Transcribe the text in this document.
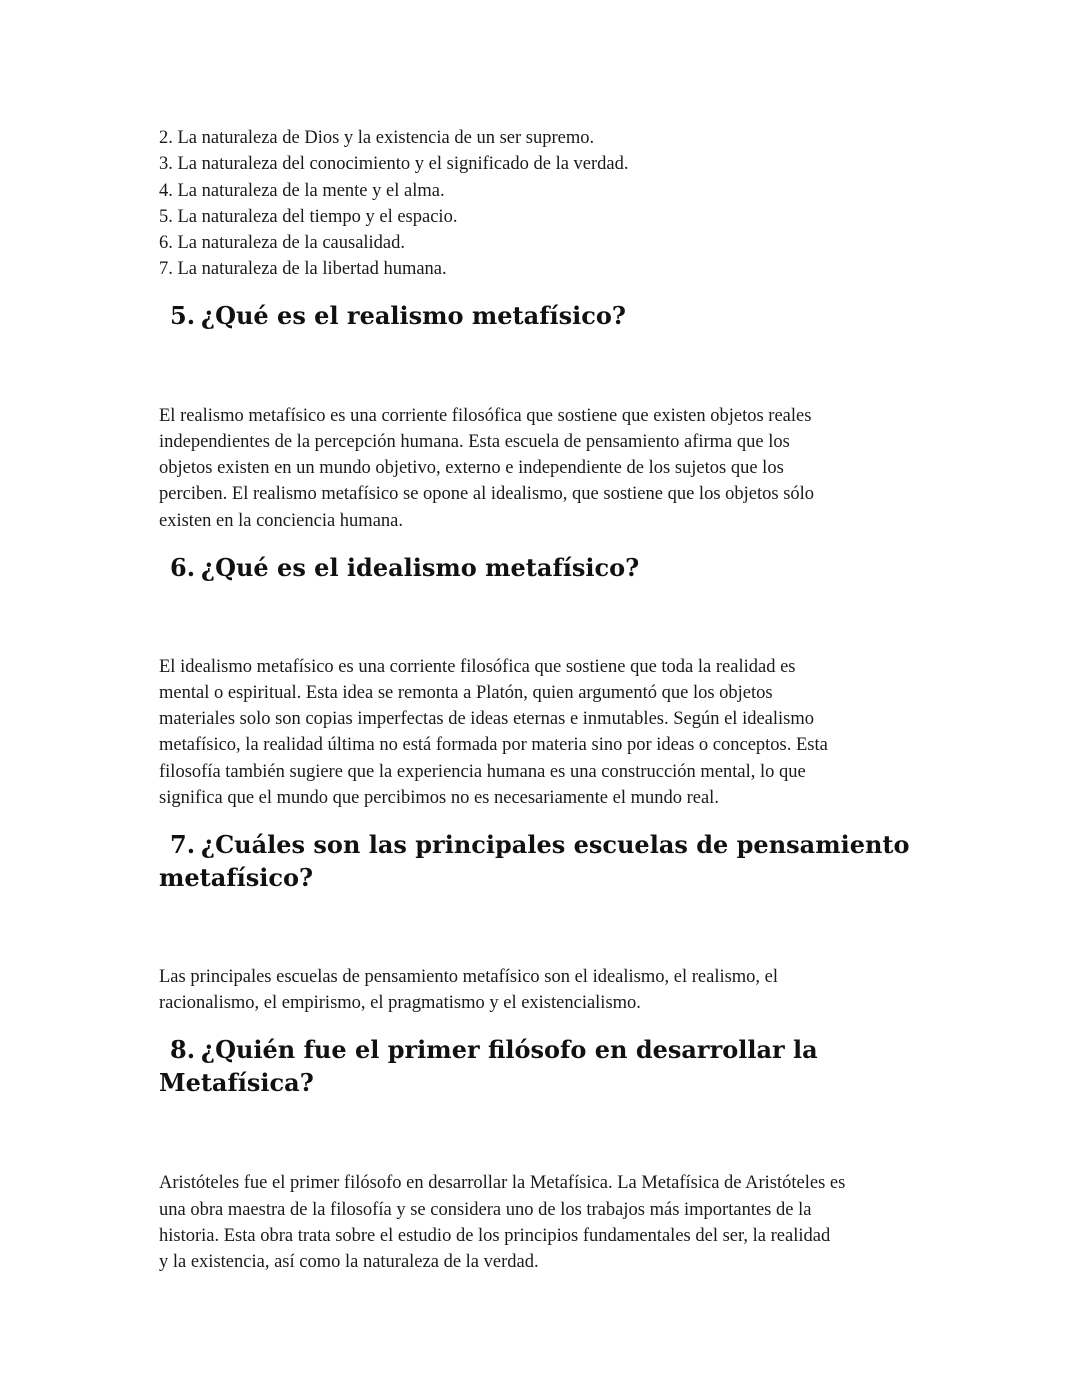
2. La naturaleza de Dios y la existencia de un ser supremo.
3. La naturaleza del conocimiento y el significado de la verdad.
4. La naturaleza de la mente y el alma.
5. La naturaleza del tiempo y el espacio.
6. La naturaleza de la causalidad.
7. La naturaleza de la libertad humana.
5. ¿Qué es el realismo metafísico?

El realismo metafísico es una corriente filosófica que sostiene que existen objetos reales
independientes de la percepción humana. Esta escuela de pensamiento afirma que los
objetos existen en un mundo objetivo, externo e independiente de los sujetos que los
perciben. El realismo metafísico se opone al idealismo, que sostiene que los objetos sólo
existen en la conciencia humana.

6. ¿Qué es el idealismo metafísico?

El idealismo metafísico es una corriente filosófica que sostiene que toda la realidad es
mental o espiritual. Esta idea se remonta a Platón, quien argumentó que los objetos
materiales solo son copias imperfectas de ideas eternas e inmutables. Según el idealismo
metafísico, la realidad última no está formada por materia sino por ideas o conceptos. Esta
filosofía también sugiere que la experiencia humana es una construcción mental, lo que
significa que el mundo que percibimos no es necesariamente el mundo real.

7. ¿Cuáles son las principales escuelas de pensamiento
metafísico?

Las principales escuelas de pensamiento metafísico son el idealismo, el realismo, el
racionalismo, el empirismo, el pragmatismo y el existencialismo.

8. ¿Quién fue el primer filósofo en desarrollar la Metafísica?

Aristóteles fue el primer filósofo en desarrollar la Metafísica. La Metafísica de Aristóteles es
una obra maestra de la filosofía y se considera uno de los trabajos más importantes de la
historia. Esta obra trata sobre el estudio de los principios fundamentales del ser, la realidad
y la existencia, así como la naturaleza de la verdad.
